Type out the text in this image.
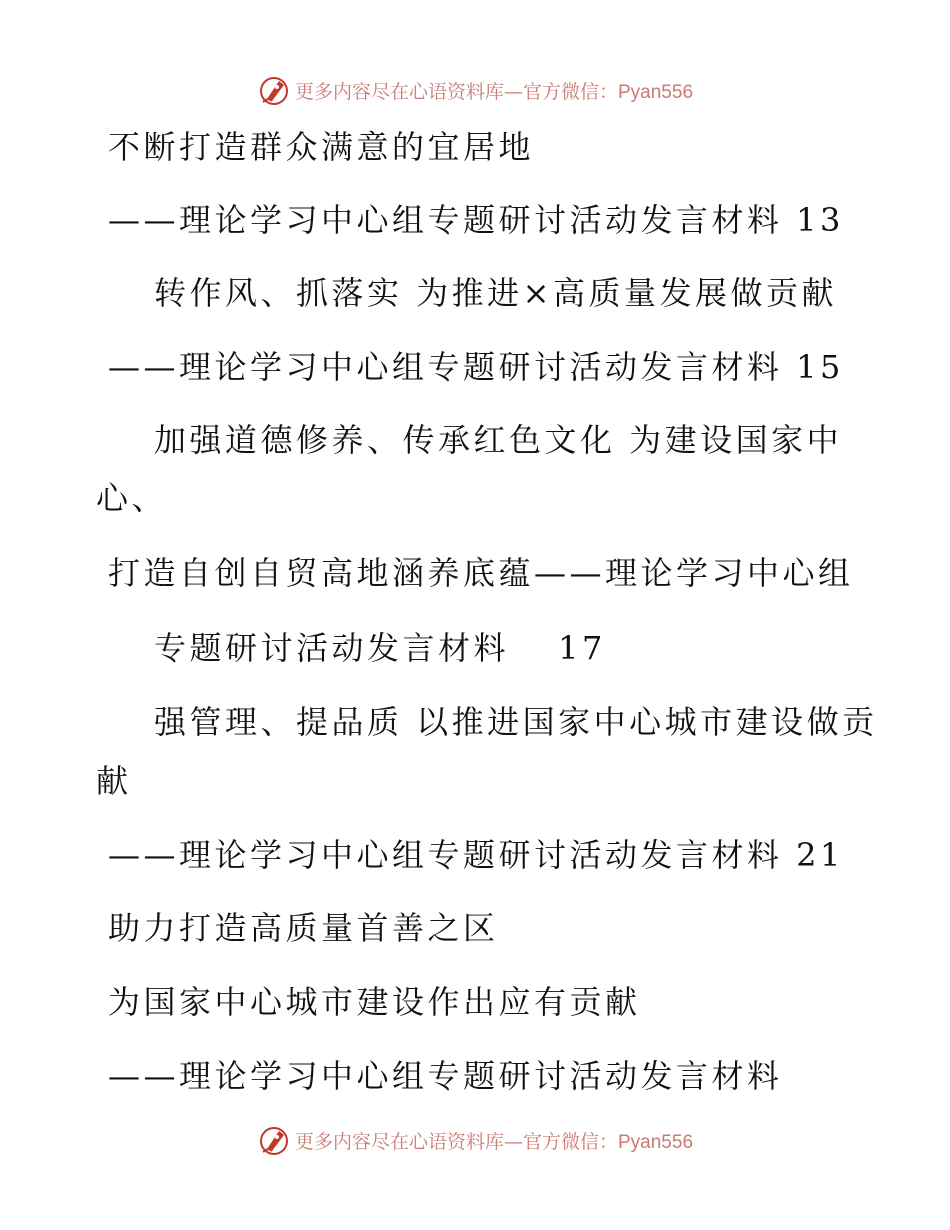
更多内容尽在心语资料库—官方微信：Pyan556
不断打造群众满意的宜居地
——理论学习中心组专题研讨活动发言材料 13
转作风、抓落实 为推进×高质量发展做贡献
——理论学习中心组专题研讨活动发言材料 15
加强道德修养、传承红色文化 为建设国家中
心、
打造自创自贸高地涵养底蕴——理论学习中心组
专题研讨活动发言材料　 17
强管理、提品质 以推进国家中心城市建设做贡
献
——理论学习中心组专题研讨活动发言材料 21
助力打造高质量首善之区
为国家中心城市建设作出应有贡献
——理论学习中心组专题研讨活动发言材料
更多内容尽在心语资料库—官方微信：Pyan556
